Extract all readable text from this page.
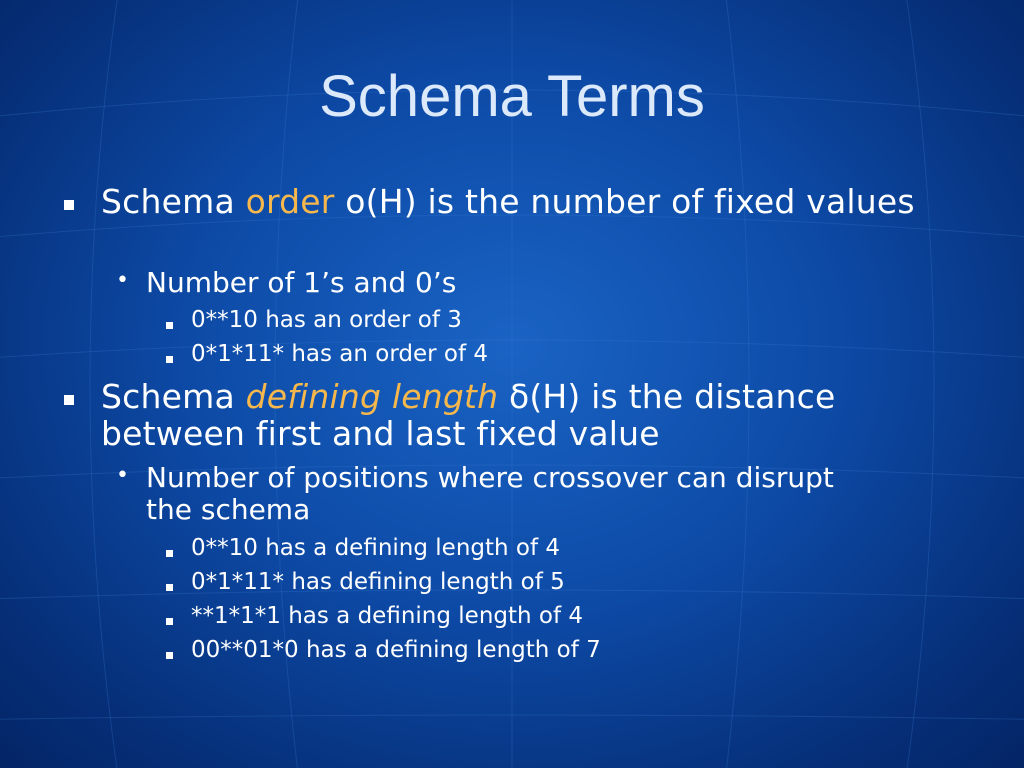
Schema Terms

Schema order o(H) is the number of fixed values

• Number of 1’s and 0’s

0**10 has an order of 3

0*1*11* has an order of 4

Schema defining length δ(H) is the distance between first and last fixed value

• Number of positions where crossover can disrupt the schema

0**10 has a defining length of 4

0*1*11* has defining length of 5

**1*1*1 has a defining length of 4

00**01*0 has a defining length of 7
